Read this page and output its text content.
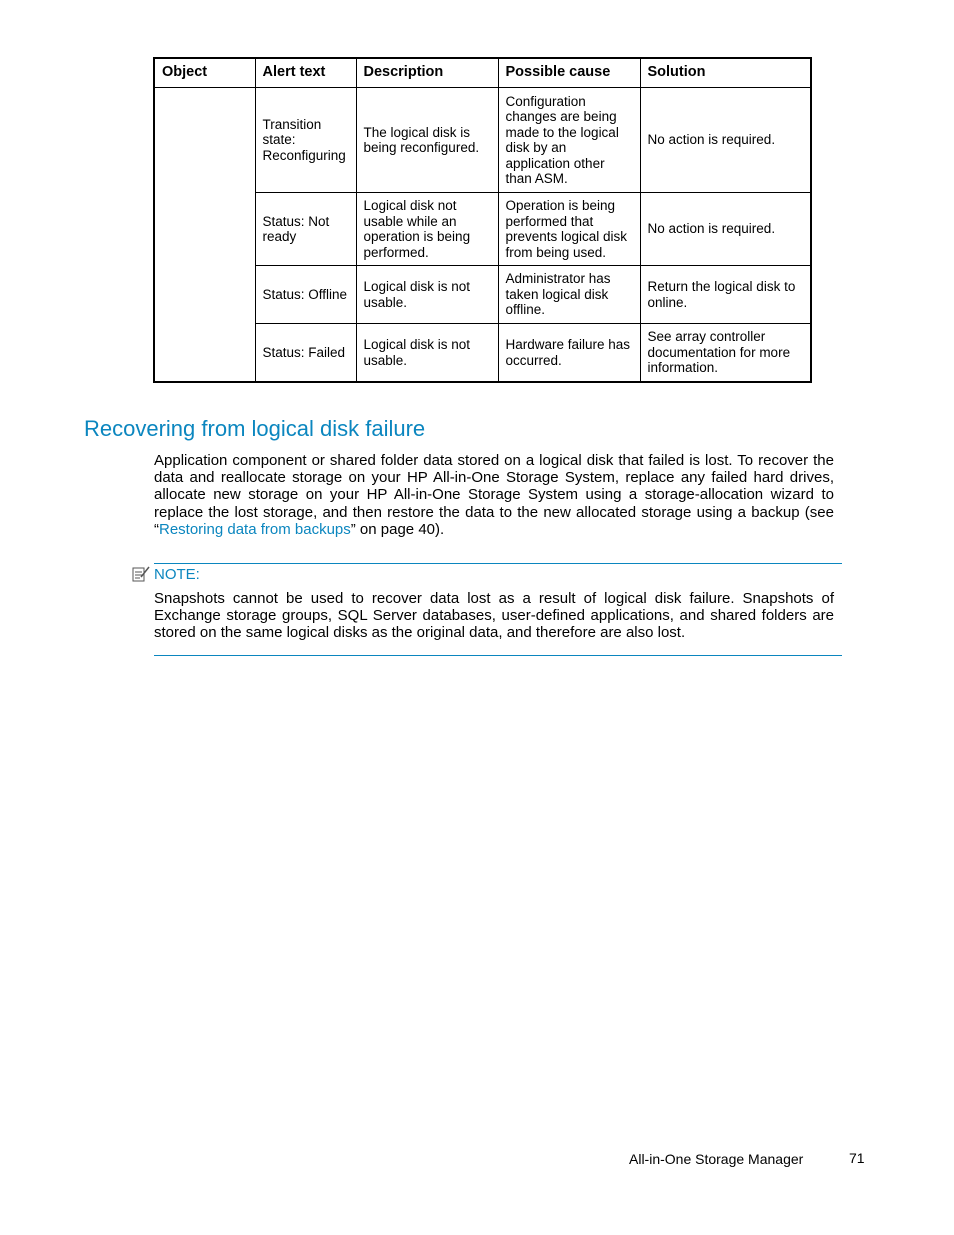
Object	Alert text	Description	Possible cause	Solution
	Transition state: Reconfiguring	The logical disk is being reconfigured.	Configuration changes are being made to the logical disk by an application other than ASM.	No action is required.
	Status: Not ready	Logical disk not usable while an operation is being performed.	Operation is being performed that prevents logical disk from being used.	No action is required.
	Status: Offline	Logical disk is not usable.	Administrator has taken logical disk offline.	Return the logical disk to online.
	Status: Failed	Logical disk is not usable.	Hardware failure has occurred.	See array controller documentation for more information.
Recovering from logical disk failure

Application component or shared folder data stored on a logical disk that failed is lost. To recover the data and reallocate storage on your HP All-in-One Storage System, replace any failed hard drives, allocate new storage on your HP All-in-One Storage System using a storage-allocation wizard to replace the lost storage, and then restore the data to the new allocated storage using a backup (see “Restoring data from backups” on page 40).

NOTE:

Snapshots cannot be used to recover data lost as a result of logical disk failure. Snapshots of Exchange storage groups, SQL Server databases, user-defined applications, and shared folders are stored on the same logical disks as the original data, and therefore are also lost.

All-in-One Storage Manager	71
